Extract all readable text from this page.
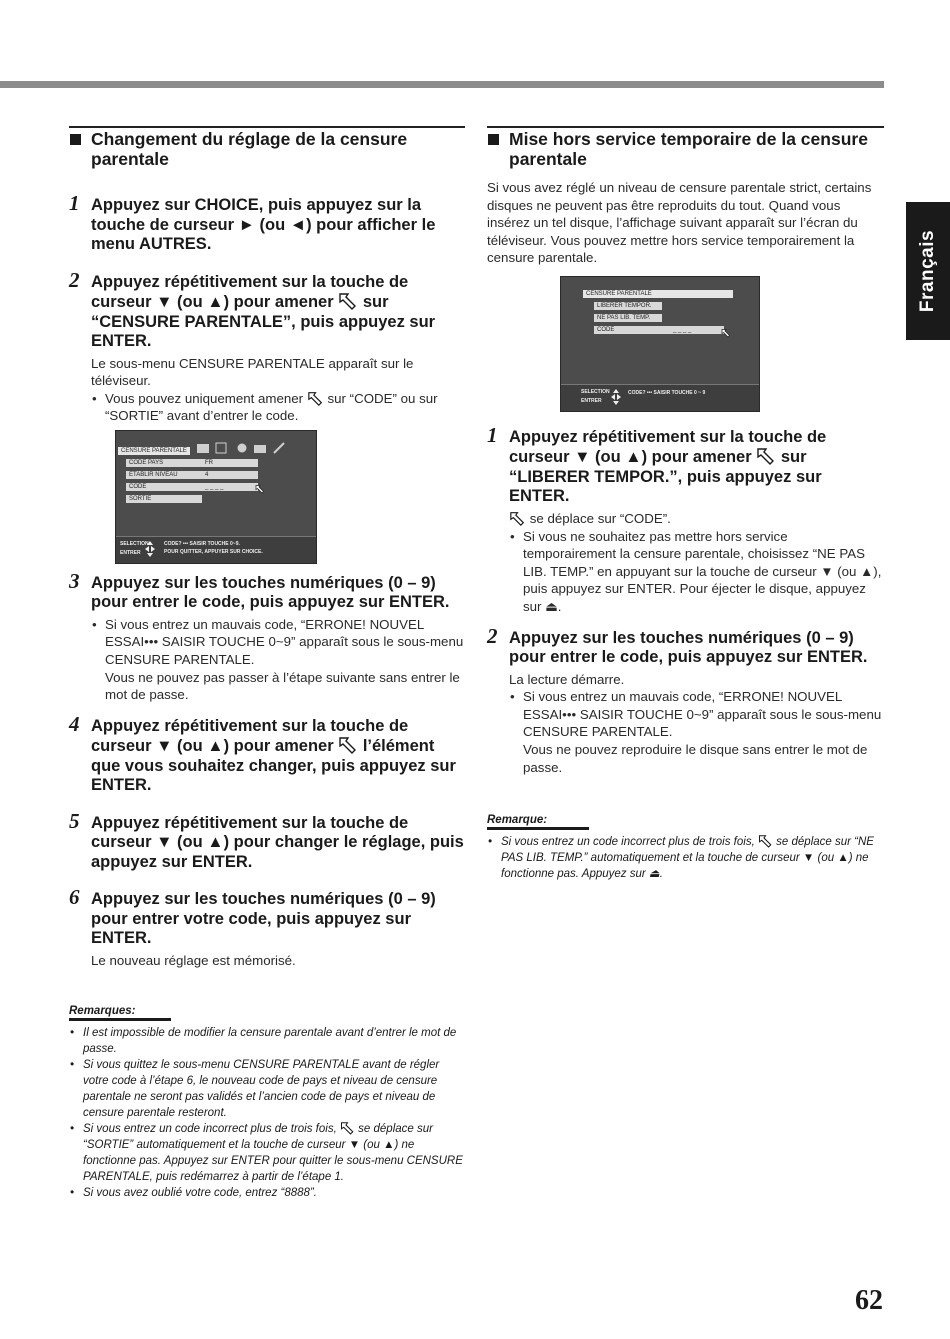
Français
Changement du réglage de la censure parentale
1 Appuyez sur CHOICE, puis appuyez sur la touche de curseur ► (ou ◄) pour afficher le menu AUTRES.
2 Appuyez répétitivement sur la touche de curseur ▼ (ou ▲) pour amener sur “CENSURE PARENTALE”, puis appuyez sur ENTER.
Le sous-menu CENSURE PARENTALE apparaît sur le téléviseur.
• Vous pouvez uniquement amener sur “CODE” ou sur “SORTIE” avant d’entrer le code.
CENSURE PARENTALE
CODE PAYS	FR
ETABLIR NIVEAU	4
CODE	_ _ _ _
SORTIE
SELECTION
ENTRER
CODE? ••• SAISIR TOUCHE 0~9.
POUR QUITTER, APPUYER SUR CHOICE.
3 Appuyez sur les touches numériques (0 – 9) pour entrer le code, puis appuyez sur ENTER.
• Si vous entrez un mauvais code, “ERRONE! NOUVEL ESSAI••• SAISIR TOUCHE 0~9” apparaît sous le sous-menu CENSURE PARENTALE.
Vous ne pouvez pas passer à l’étape suivante sans entrer le mot de passe.
4 Appuyez répétitivement sur la touche de curseur ▼ (ou ▲) pour amener l’élément que vous souhaitez changer, puis appuyez sur ENTER.
5 Appuyez répétitivement sur la touche de curseur ▼ (ou ▲) pour changer le réglage, puis appuyez sur ENTER.
6 Appuyez sur les touches numériques (0 – 9) pour entrer votre code, puis appuyez sur ENTER.
Le nouveau réglage est mémorisé.
Remarques:
• Il est impossible de modifier la censure parentale avant d’entrer le mot de passe.
• Si vous quittez le sous-menu CENSURE PARENTALE avant de régler votre code à l’étape 6, le nouveau code de pays et niveau de censure parentale ne seront pas validés et l’ancien code de pays et niveau de censure parentale resteront.
• Si vous entrez un code incorrect plus de trois fois, se déplace sur “SORTIE” automatiquement et la touche de curseur ▼ (ou ▲) ne fonctionne pas. Appuyez sur ENTER pour quitter le sous-menu CENSURE PARENTALE, puis redémarrez à partir de l’étape 1.
• Si vous avez oublié votre code, entrez “8888”.
Mise hors service temporaire de la censure parentale
Si vous avez réglé un niveau de censure parentale strict, certains disques ne peuvent pas être reproduits du tout. Quand vous insérez un tel disque, l’affichage suivant apparaît sur l’écran du téléviseur. Vous pouvez mettre hors service temporairement la censure parentale.
CENSURE PARENTALE
LIBERER TEMPOR.
NE PAS LIB. TEMP.
CODE	_ _ _ _
SELECTION
ENTRER
CODE? ••• SAISIR TOUCHE 0 ~ 9
1 Appuyez répétitivement sur la touche de curseur ▼ (ou ▲) pour amener sur “LIBERER TEMPOR.”, puis appuyez sur ENTER.
se déplace sur “CODE”.
• Si vous ne souhaitez pas mettre hors service temporairement la censure parentale, choisissez “NE PAS LIB. TEMP.” en appuyant sur la touche de curseur ▼ (ou ▲), puis appuyez sur ENTER. Pour éjecter le disque, appuyez sur ⏏.
2 Appuyez sur les touches numériques (0 – 9) pour entrer le code, puis appuyez sur ENTER.
La lecture démarre.
• Si vous entrez un mauvais code, “ERRONE! NOUVEL ESSAI••• SAISIR TOUCHE 0~9” apparaît sous le sous-menu CENSURE PARENTALE.
Vous ne pouvez reproduire le disque sans entrer le mot de passe.
Remarque:
• Si vous entrez un code incorrect plus de trois fois, se déplace sur “NE PAS LIB. TEMP.” automatiquement et la touche de curseur ▼ (ou ▲) ne fonctionne pas. Appuyez sur ⏏.
62
